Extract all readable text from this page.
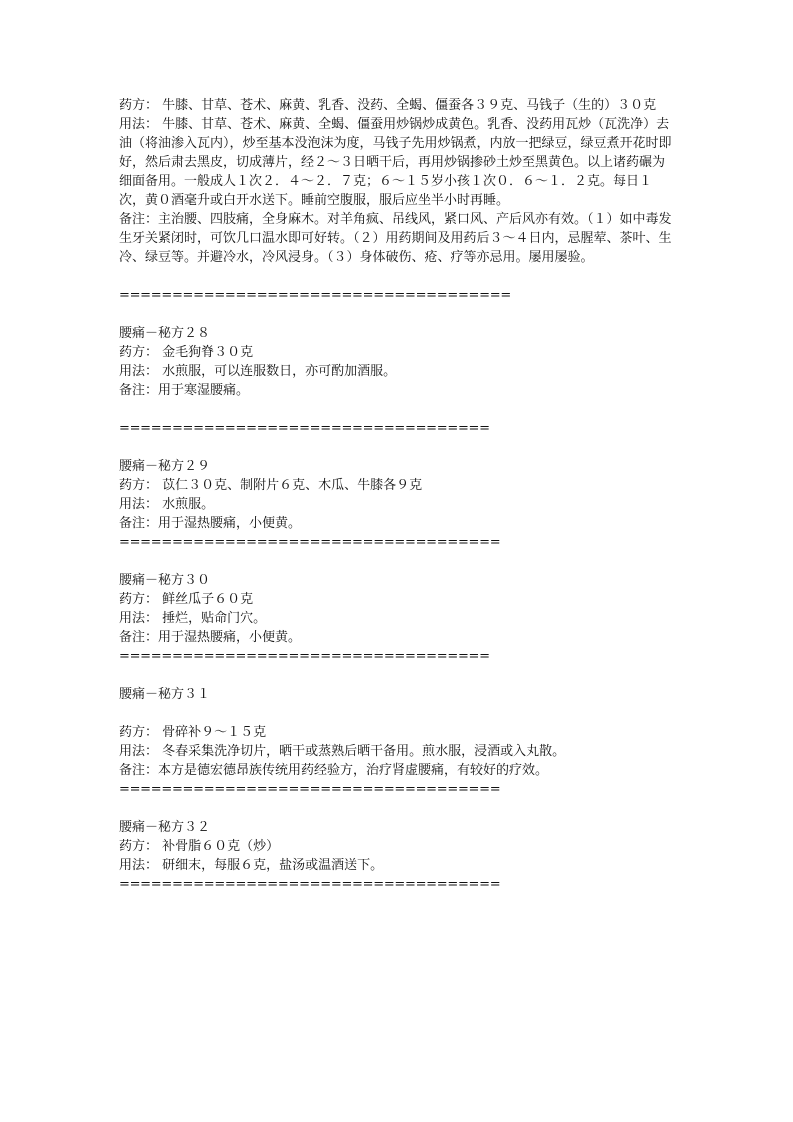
药方： 牛膝、甘草、苍术、麻黄、乳香、没药、全蝎、僵蚕各３９克、马钱子（生的）３０克
用法： 牛膝、甘草、苍术、麻黄、全蝎、僵蚕用炒锅炒成黄色。乳香、没药用瓦炒（瓦洗净）去油（将油渗入瓦内），炒至基本没泡沫为度，马钱子先用炒锅煮，内放一把绿豆，绿豆煮开花时即好，然后肃去黑皮，切成薄片，经２～３日晒干后，再用炒锅掺砂土炒至黑黄色。以上诸药碾为细面备用。一般成人１次２．４～２．７克；６～１５岁小孩１次０．６～１．２克。每日１次，黄０酒毫升或白开水送下。睡前空腹服，服后应坐半小时再睡。
备注：主治腰、四肢痛，全身麻木。对羊角疯、吊线风，紧口风、产后风亦有效。（１）如中毒发生牙关紧闭时，可饮几口温水即可好转。（２）用药期间及用药后３～４日内，忌腥荤、茶叶、生冷、绿豆等。并避冷水，冷风浸身。（３）身体破伤、疮、疗等亦忌用。屡用屡验。
=====================================
腰痛－秘方２８
药方： 金毛狗脊３０克
用法： 水煎服，可以连服数日，亦可酌加酒服。
备注：用于寒湿腰痛。
===================================
腰痛－秘方２９
药方： 苡仁３０克、制附片６克、木瓜、牛膝各９克
用法： 水煎服。
备注：用于湿热腰痛，小便黄。
====================================
腰痛－秘方３０
药方： 鲜丝瓜子６０克
用法： 捶烂，贴命门穴。
备注：用于湿热腰痛，小便黄。
===================================
腰痛－秘方３１
药方： 骨碎补９～１５克
用法： 冬春采集洗净切片，晒干或蒸熟后晒干备用。煎水服，浸酒或入丸散。
备注：本方是德宏德昂族传统用药经验方，治疗肾虚腰痛，有较好的疗效。
====================================
腰痛－秘方３２
药方： 补骨脂６０克（炒）
用法： 研细末，每服６克，盐汤或温酒送下。
====================================
